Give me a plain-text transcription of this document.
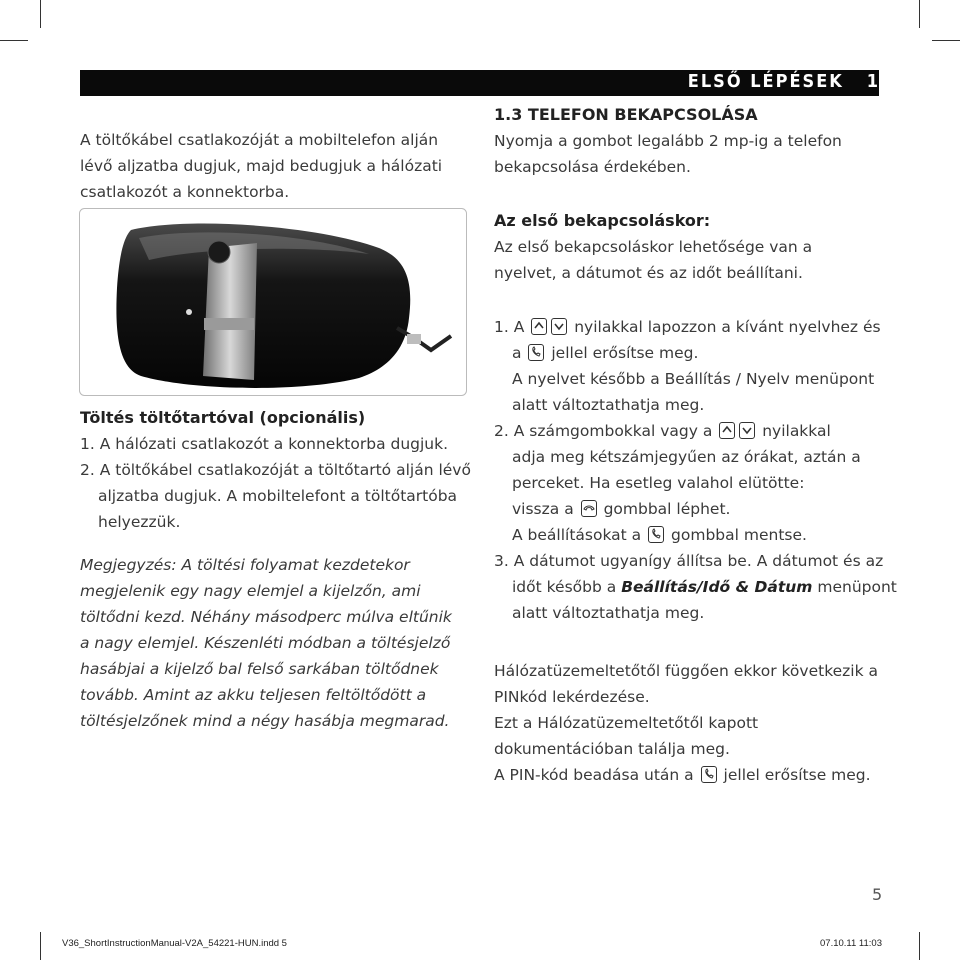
ELSŐ LÉPÉSEK 1
A töltőkábel csatlakozóját a mobiltelefon alján
lévő aljzatba dugjuk, majd bedugjuk a hálózati
csatlakozót a konnektorba.
Töltés töltőtartóval (opcionális)
1. A hálózati csatlakozót a konnektorba dugjuk.
2. A töltőkábel csatlakozóját a töltőtartó alján lévő
aljzatba dugjuk. A mobiltelefont a töltőtartóba
helyezzük.
Megjegyzés: A töltési folyamat kezdetekor
megjelenik egy nagy elemjel a kijelzőn, ami
töltődni kezd. Néhány másodperc múlva eltűnik
a nagy elemjel. Készenléti módban a töltésjelző
hasábjai a kijelző bal felső sarkában töltődnek
tovább. Amint az akku teljesen feltöltődött a
töltésjelzőnek mind a négy hasábja megmarad.
1.3 TELEFON BEKAPCSOLÁSA
Nyomja a gombot legalább 2 mp-ig a telefon
bekapcsolása érdekében.
Az első bekapcsoláskor:
Az első bekapcsoláskor lehetősége van a
nyelvet, a dátumot és az időt beállítani.
1. A	nyilakkal lapozzon a kívánt nyelvhez és
a jellel erősítse meg.
A nyelvet később a Beállítás / Nyelv menüpont
alatt változtathatja meg.
2. A számgombokkal vagy a	nyilakkal
adja meg kétszámjegyűen az órákat, aztán a
perceket. Ha esetleg valahol elütötte:
vissza a gombbal léphet.
A beállításokat a gombbal mentse.
3. A dátumot ugyanígy állítsa be. A dátumot és az
időt később a Beállítás/Idő & Dátum menüpont
alatt változtathatja meg.
Hálózatüzemeltetőtől függően ekkor következik a
PINkód lekérdezése.
Ezt a Hálózatüzemeltetőtől kapott
dokumentációban találja meg.
A PIN-kód beadása után a jellel erősítse meg.
5
V36_ShortInstructionManual-V2A_54221-HUN.indd 5	07.10.11 11:03
